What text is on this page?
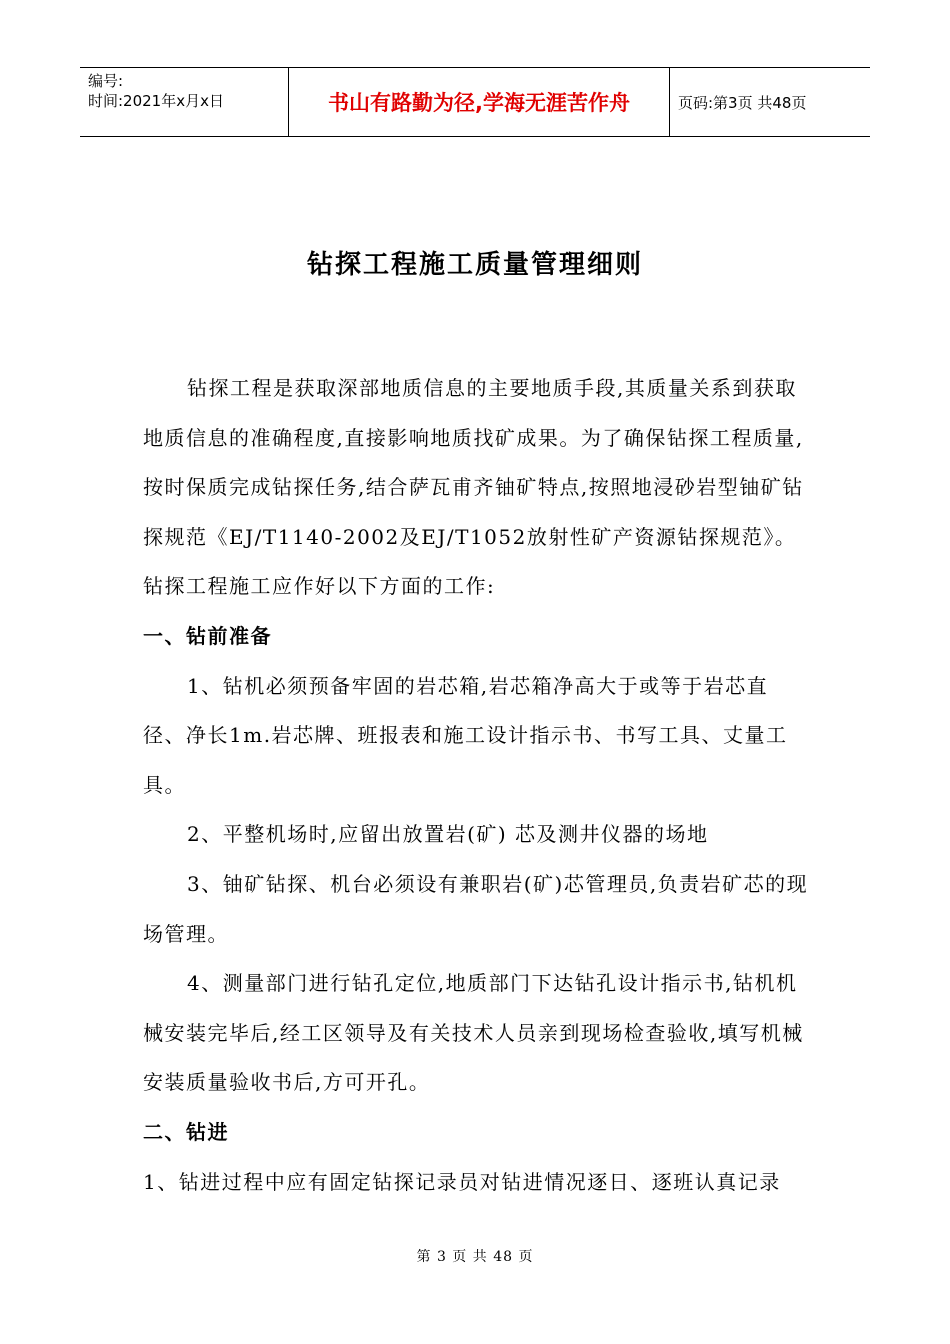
编号:
时间:2021年x月x日	书山有路勤为径,学海无涯苦作舟	页码:第3页 共48页
钻探工程施工质量管理细则

钻探工程是获取深部地质信息的主要地质手段,其质量关系到获取地质信息的准确程度,直接影响地质找矿成果。为了确保钻探工程质量,按时保质完成钻探任务,结合萨瓦甫齐铀矿特点,按照地浸砂岩型铀矿钻探规范《EJ/T1140-2002及EJ/T1052放射性矿产资源钻探规范》。钻探工程施工应作好以下方面的工作:

一、钻前准备

1、钻机必须预备牢固的岩芯箱,岩芯箱净高大于或等于岩芯直径、净长1m.岩芯牌、班报表和施工设计指示书、书写工具、丈量工具。

2、平整机场时,应留出放置岩(矿) 芯及测井仪器的场地

3、铀矿钻探、机台必须设有兼职岩(矿)芯管理员,负责岩矿芯的现场管理。

4、测量部门进行钻孔定位,地质部门下达钻孔设计指示书,钻机机械安装完毕后,经工区领导及有关技术人员亲到现场检查验收,填写机械安装质量验收书后,方可开孔。

二、钻进

1、钻进过程中应有固定钻探记录员对钻进情况逐日、逐班认真记录

第 3 页 共 48 页
